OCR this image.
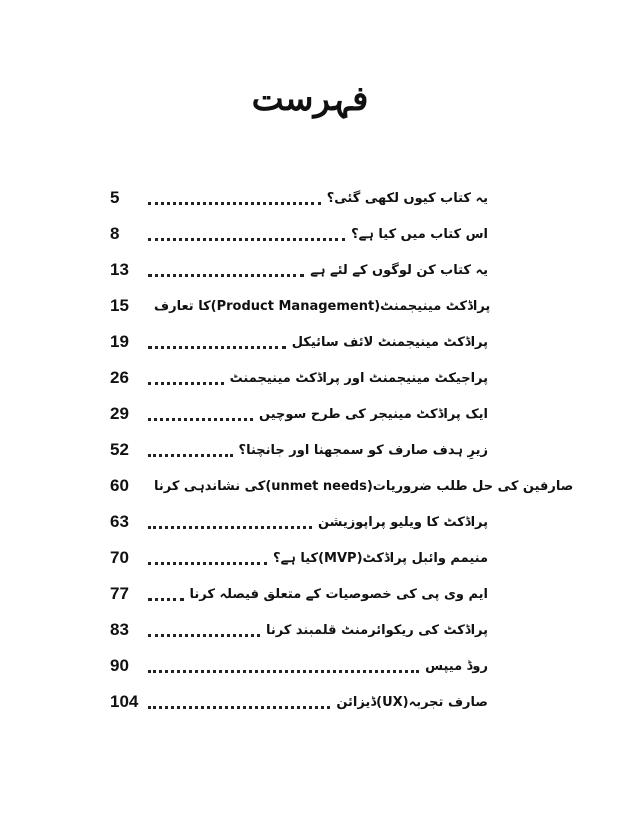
فہرست
5	یہ کتاب کیوں لکھی گئی؟
8	اس کتاب میں کیا ہے؟
13	یہ کتاب کن لوگوں کے لئے ہے
15	پراڈکٹ مینیجمنٹ(Product Management)کا تعارف
19	پراڈکٹ مینیجمنٹ لائف سائیکل
26	پراجیکٹ مینیجمنٹ اور پراڈکٹ مینیجمنٹ
29	ایک پراڈکٹ مینیجر کی طرح سوچیں
52	زیرِ ہدف صارف کو سمجھنا اور جانچنا؟
60	صارفین کی حل طلب ضروریات(unmet needs)کی نشاندہی کرنا
63	پراڈکٹ کا ویلیو پراپوزیشن
70	منیمم وائبل پراڈکٹ(MVP)کیا ہے؟
77	ایم وی پی کی خصوصیات کے متعلق فیصلہ کرنا
83	پراڈکٹ کی ریکوائرمنٹ قلمبند کرنا
90	روڈ میپس
104	صارف تجربہ(UX)ڈیزائن
